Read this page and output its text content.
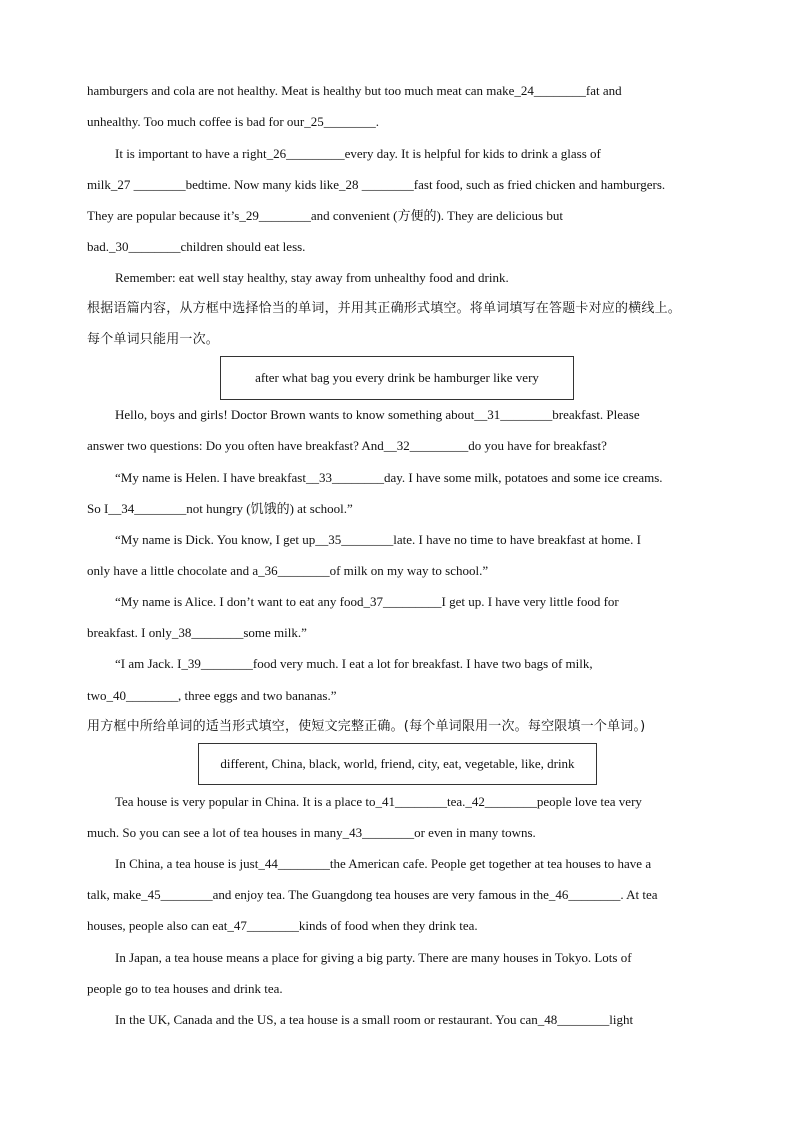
hamburgers and cola are not healthy. Meat is healthy but too much meat can make_24________fat and
unhealthy. Too much coffee is bad for our_25________.
It is important to have a right_26_________every day. It is helpful for kids to drink a glass of
milk_27 ________bedtime. Now many kids like_28 ________fast food, such as fried chicken and hamburgers.
They are popular because it’s_29________and convenient (方便的). They are delicious but
bad._30________children should eat less.
Remember: eat well stay healthy, stay away from unhealthy food and drink.
根据语篇内容，从方框中选择恰当的单词，并用其正确形式填空。将单词填写在答题卡对应的横线上。
每个单词只能用一次。
after what bag you every drink be hamburger like very
Hello, boys and girls! Doctor Brown wants to know something about__31________breakfast. Please
answer two questions: Do you often have breakfast? And__32_________do you have for breakfast?
“My name is Helen. I have breakfast__33________day. I have some milk, potatoes and some ice creams.
So I__34________not hungry (饥饿的) at school.”
“My name is Dick. You know, I get up__35________late. I have no time to have breakfast at home. I
only have a little chocolate and a_36________of milk on my way to school.”
“My name is Alice. I don’t want to eat any food_37_________I get up. I have very little food for
breakfast. I only_38________some milk.”
“I am Jack. I_39________food very much. I eat a lot for breakfast. I have two bags of milk,
two_40________, three eggs and two bananas.”
用方框中所给单词的适当形式填空，使短文完整正确。(每个单词限用一次。每空限填一个单词。)
different, China, black, world, friend, city, eat, vegetable, like, drink
Tea house is very popular in China. It is a place to_41________tea._42________people love tea very
much. So you can see a lot of tea houses in many_43________or even in many towns.
In China, a tea house is just_44________the American cafe. People get together at tea houses to have a
talk, make_45________and enjoy tea. The Guangdong tea houses are very famous in the_46________. At tea
houses, people also can eat_47________kinds of food when they drink tea.
In Japan, a tea house means a place for giving a big party. There are many houses in Tokyo. Lots of
people go to tea houses and drink tea.
In the UK, Canada and the US, a tea house is a small room or restaurant. You can_48________light
